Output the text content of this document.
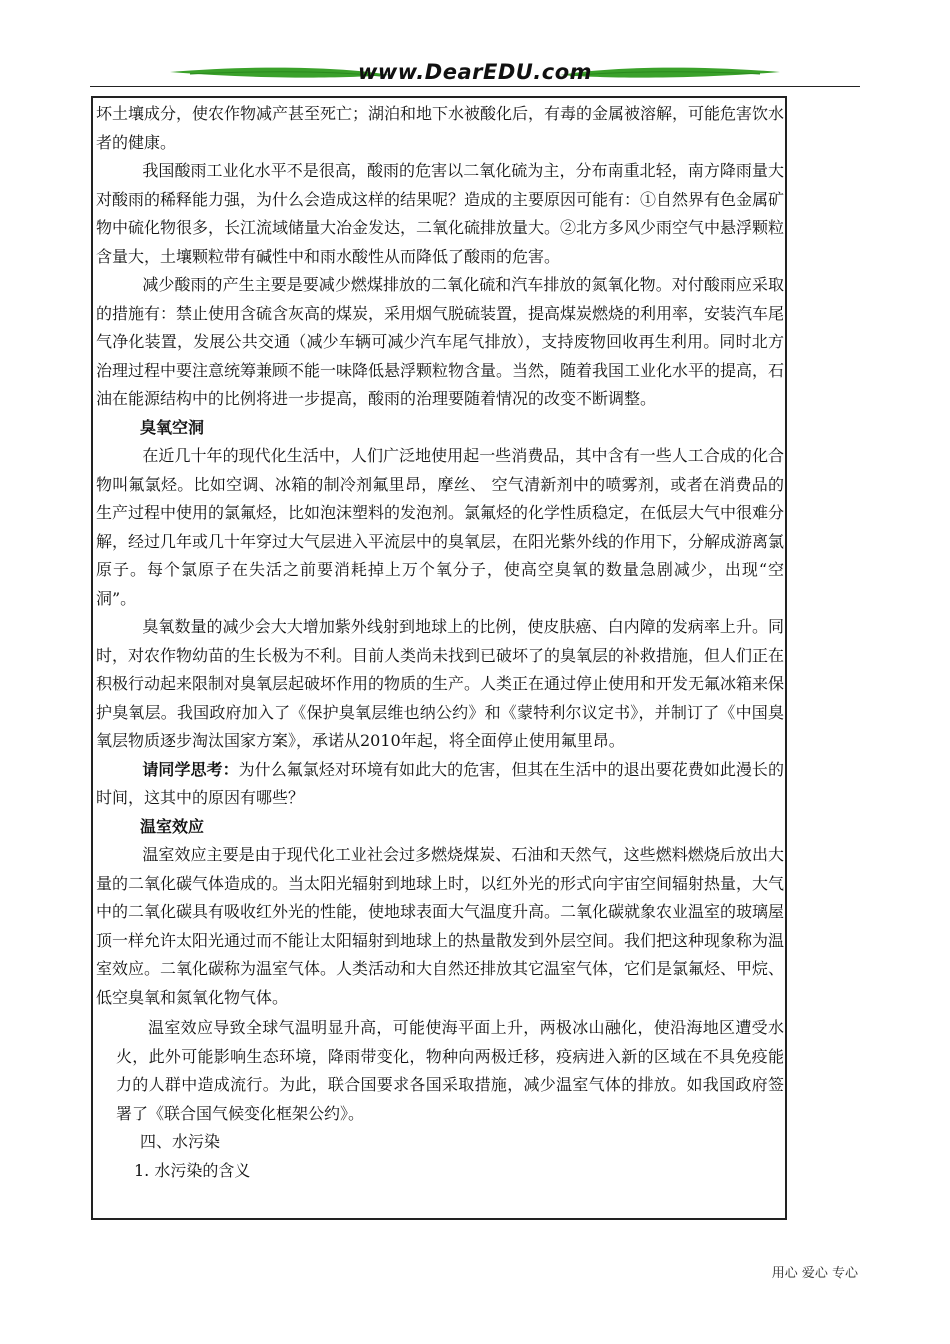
www.DearEDU.com

坏土壤成分，使农作物减产甚至死亡；湖泊和地下水被酸化后，有毒的金属被溶解，可能危害饮水者的健康。

我国酸雨工业化水平不是很高，酸雨的危害以二氧化硫为主，分布南重北轻，南方降雨量大对酸雨的稀释能力强，为什么会造成这样的结果呢？造成的主要原因可能有：①自然界有色金属矿物中硫化物很多，长江流域储量大冶金发达，二氧化硫排放量大。②北方多风少雨空气中悬浮颗粒含量大，土壤颗粒带有碱性中和雨水酸性从而降低了酸雨的危害。

减少酸雨的产生主要是要减少燃煤排放的二氧化硫和汽车排放的氮氧化物。对付酸雨应采取的措施有：禁止使用含硫含灰高的煤炭，采用烟气脱硫装置，提高煤炭燃烧的利用率，安装汽车尾气净化装置，发展公共交通（减少车辆可减少汽车尾气排放），支持废物回收再生利用。同时北方治理过程中要注意统筹兼顾不能一味降低悬浮颗粒物含量。当然，随着我国工业化水平的提高，石油在能源结构中的比例将进一步提高，酸雨的治理要随着情况的改变不断调整。

臭氧空洞

在近几十年的现代化生活中，人们广泛地使用起一些消费品，其中含有一些人工合成的化合物叫氟氯烃。比如空调、冰箱的制冷剂氟里昂，摩丝、 空气清新剂中的喷雾剂，或者在消费品的生产过程中使用的氯氟烃，比如泡沫塑料的发泡剂。氯氟烃的化学性质稳定，在低层大气中很难分解，经过几年或几十年穿过大气层进入平流层中的臭氧层，在阳光紫外线的作用下，分解成游离氯原子。每个氯原子在失活之前要消耗掉上万个氧分子，使高空臭氧的数量急剧减少，出现“空洞”。

臭氧数量的减少会大大增加紫外线射到地球上的比例，使皮肤癌、白内障的发病率上升。同时，对农作物幼苗的生长极为不利。目前人类尚未找到已破坏了的臭氧层的补救措施，但人们正在积极行动起来限制对臭氧层起破坏作用的物质的生产。人类正在通过停止使用和开发无氟冰箱来保护臭氧层。我国政府加入了《保护臭氧层维也纳公约》和《蒙特利尔议定书》，并制订了《中国臭氧层物质逐步淘汰国家方案》，承诺从2010年起，将全面停止使用氟里昂。

请同学思考：为什么氟氯烃对环境有如此大的危害，但其在生活中的退出要花费如此漫长的时间，这其中的原因有哪些？

温室效应

温室效应主要是由于现代化工业社会过多燃烧煤炭、石油和天然气，这些燃料燃烧后放出大量的二氧化碳气体造成的。当太阳光辐射到地球上时，以红外光的形式向宇宙空间辐射热量，大气中的二氧化碳具有吸收红外光的性能，使地球表面大气温度升高。二氧化碳就象农业温室的玻璃屋顶一样允许太阳光通过而不能让太阳辐射到地球上的热量散发到外层空间。我们把这种现象称为温室效应。二氧化碳称为温室气体。人类活动和大自然还排放其它温室气体，它们是氯氟烃、甲烷、低空臭氧和氮氧化物气体。

温室效应导致全球气温明显升高，可能使海平面上升，两极冰山融化，使沿海地区遭受水火，此外可能影响生态环境，降雨带变化，物种向两极迁移，疫病进入新的区域在不具免疫能力的人群中造成流行。为此，联合国要求各国采取措施，减少温室气体的排放。如我国政府签署了《联合国气候变化框架公约》。

四、水污染

1. 水污染的含义

用心 爱心 专心
